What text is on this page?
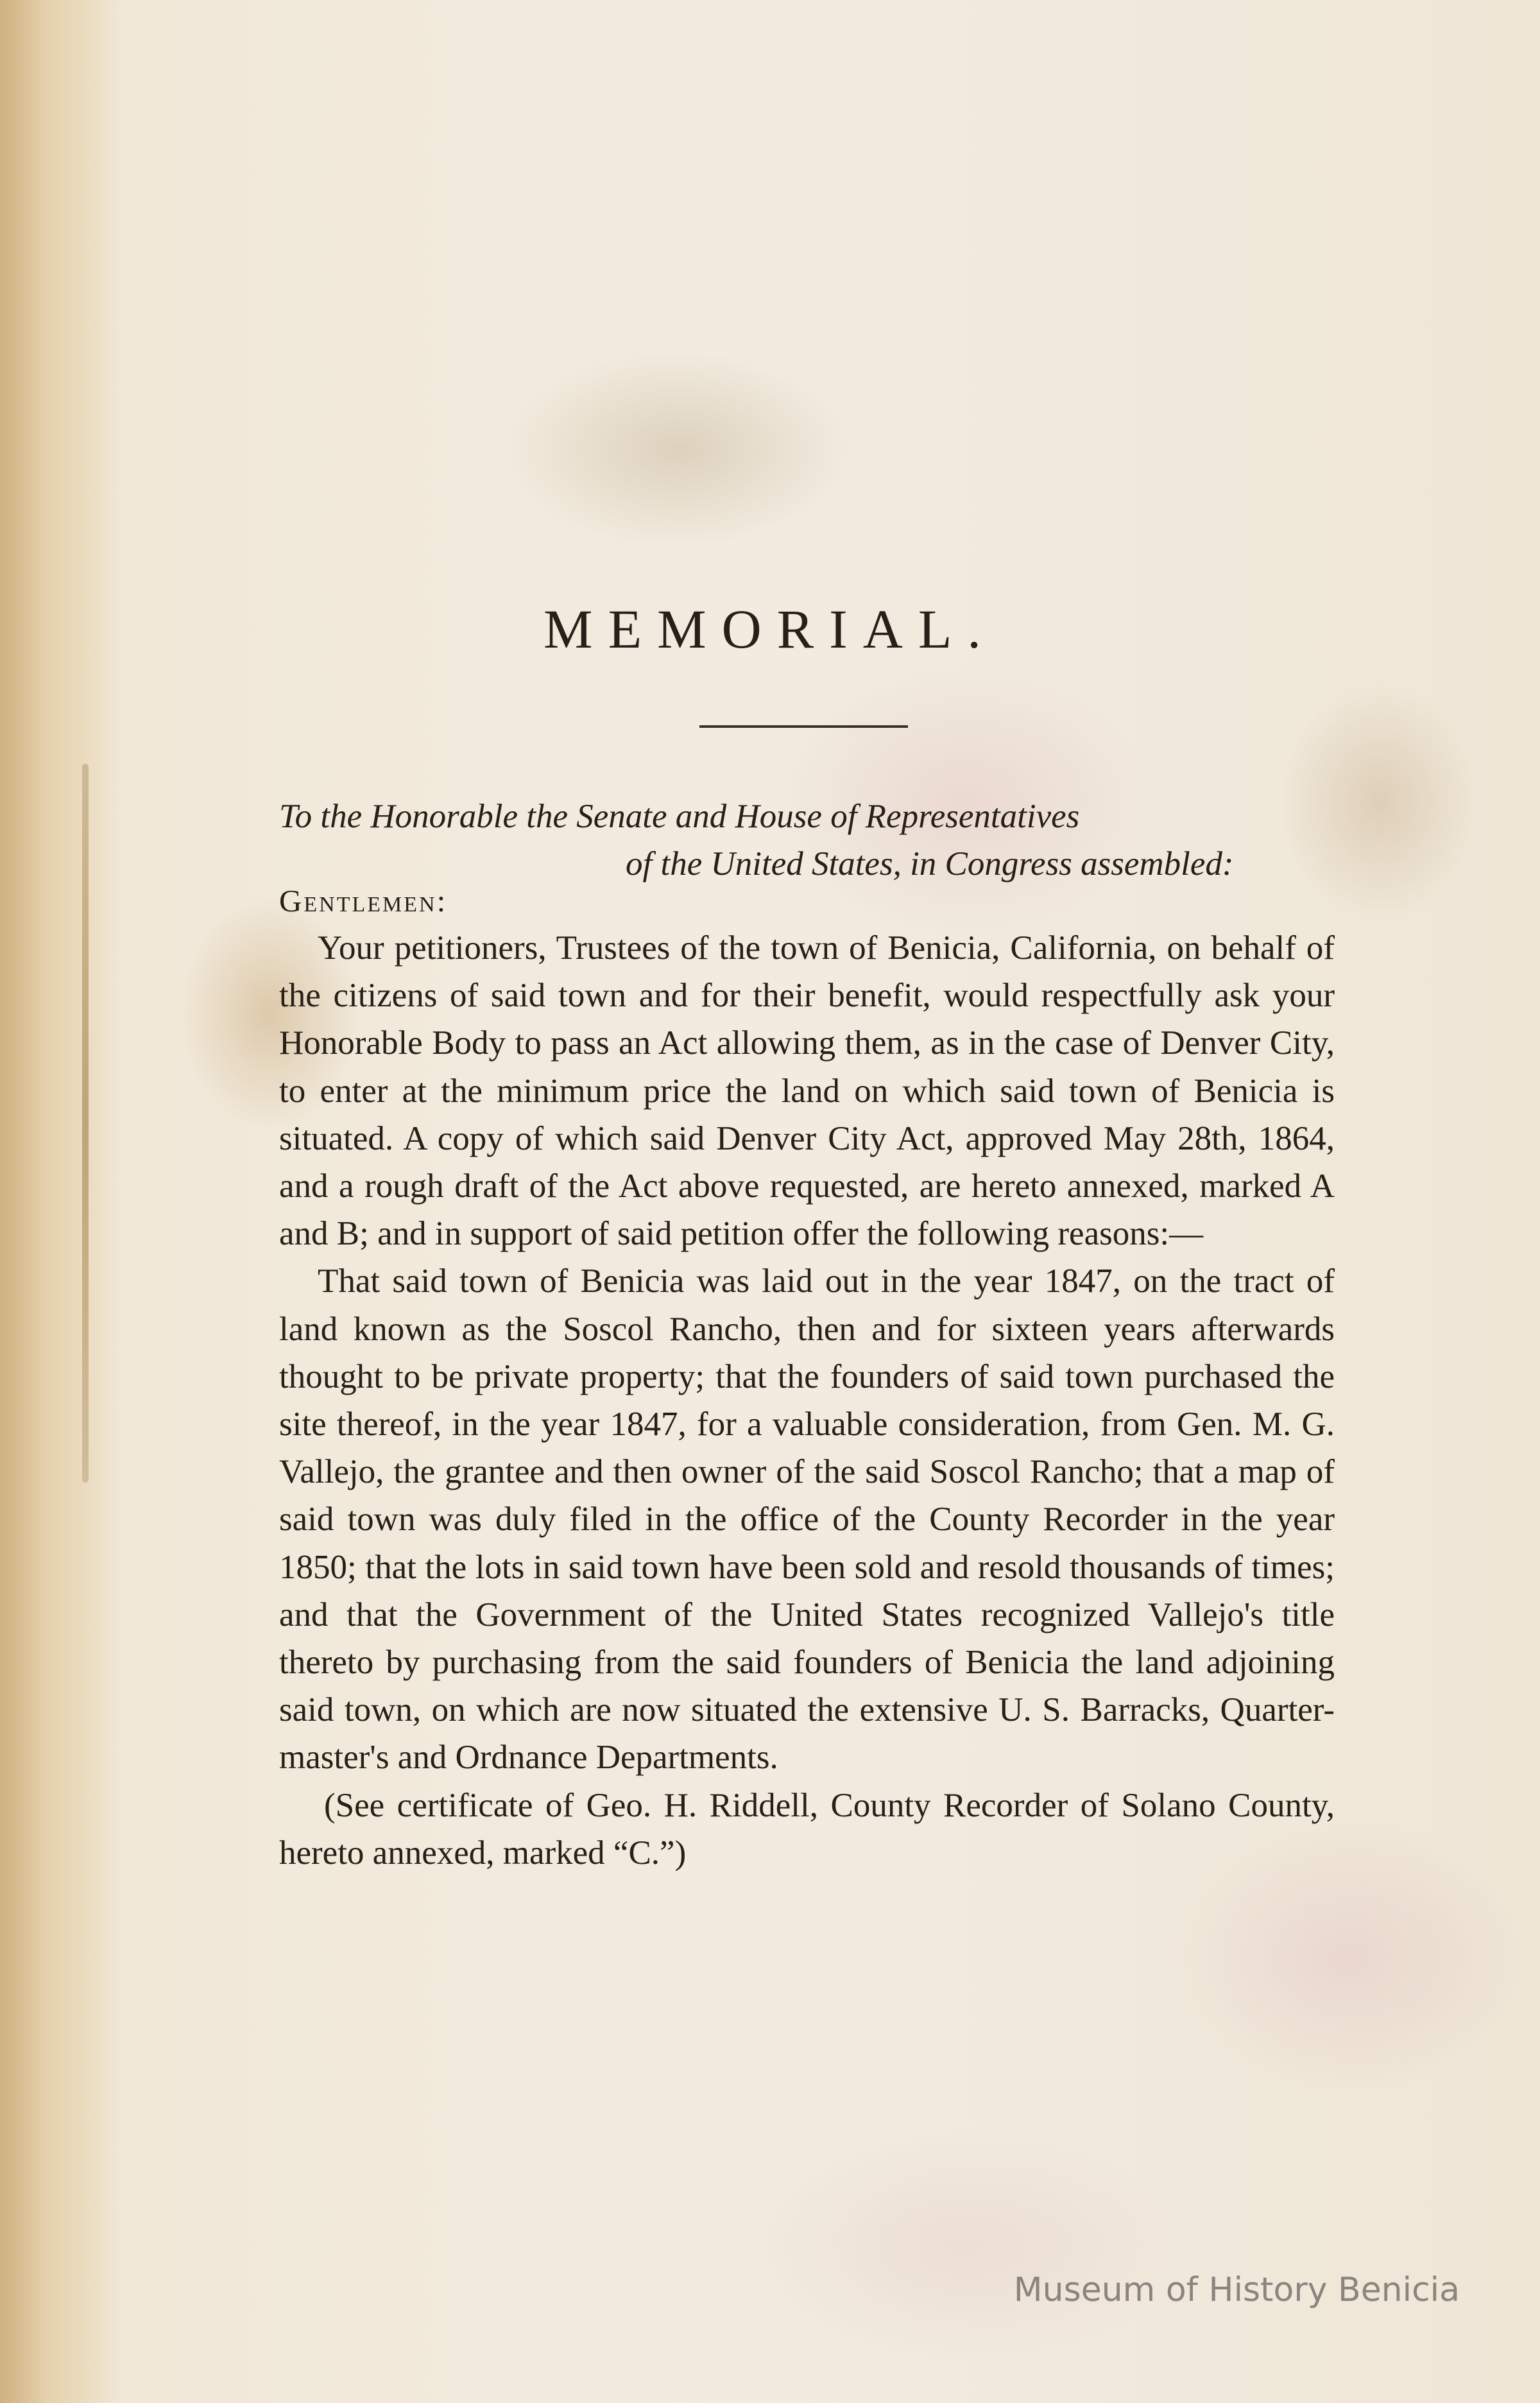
MEMORIAL.
To the Honorable the Senate and House of Representatives
of the United States, in Congress assembled:
Gentlemen:

Your petitioners, Trustees of the town of Benicia, California, on behalf of the citizens of said town and for their benefit, would respectfully ask your Honorable Body to pass an Act allowing them, as in the case of Denver City, to enter at the minimum price the land on which said town of Benicia is situated. A copy of which said Denver City Act, approved May 28th, 1864, and a rough draft of the Act above requested, are hereto annexed, marked A and B; and in support of said petition offer the following reasons:—

That said town of Benicia was laid out in the year 1847, on the tract of land known as the Soscol Rancho, then and for sixteen years afterwards thought to be private property; that the founders of said town purchased the site thereof, in the year 1847, for a valuable consideration, from Gen. M. G. Vallejo, the grantee and then owner of the said Soscol Rancho; that a map of said town was duly filed in the office of the County Recorder in the year 1850; that the lots in said town have been sold and resold thousands of times; and that the Government of the United States recognized Vallejo's title thereto by purchasing from the said founders of Benicia the land adjoining said town, on which are now situated the extensive U. S. Barracks, Quarter-master's and Ordnance Departments.

(See certificate of Geo. H. Riddell, County Recorder of Solano County, hereto annexed, marked “C.”)

Museum of History Benicia
